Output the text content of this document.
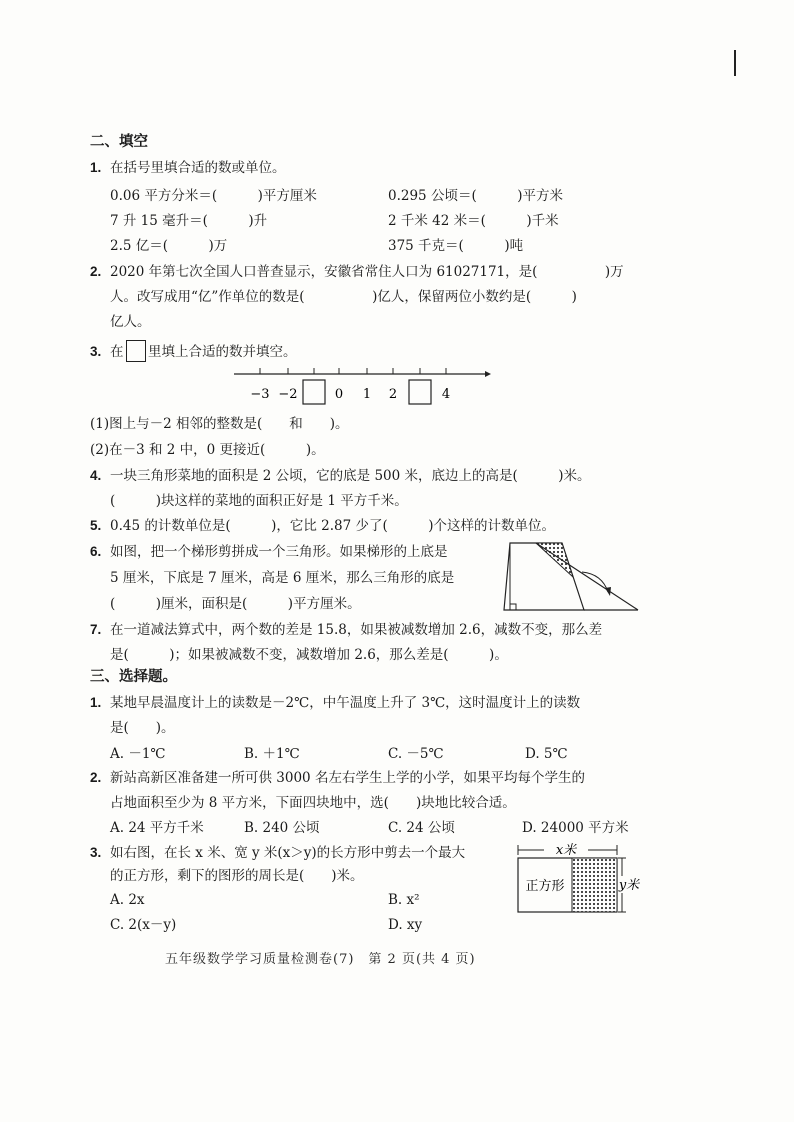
二、填空
1. 在括号里填合适的数或单位。
0.06 平方分米＝(　　　)平方厘米	0.295 公顷＝(　　　)平方米
7 升 15 毫升＝(　　　)升	2 千米 42 米＝(　　　)千米
2.5 亿＝(　　　)万	375 千克＝(　　　)吨
2. 2020 年第七次全国人口普查显示，安徽省常住人口为 61027171，是(　　　　　)万
人。改写成用“亿”作单位的数是(　　　　　)亿人，保留两位小数约是(　　　)
亿人。
3. 在 里填上合适的数并填空。
−3 −2	0 1 2	4
(1)图上与－2 相邻的整数是(　　和　　)。
(2)在－3 和 2 中，0 更接近(　　　)。
4. 一块三角形菜地的面积是 2 公顷，它的底是 500 米，底边上的高是(　　　)米。
(　　　)块这样的菜地的面积正好是 1 平方千米。
5. 0.45 的计数单位是(　　　)，它比 2.87 少了(　　　)个这样的计数单位。
6. 如图，把一个梯形剪拼成一个三角形。如果梯形的上底是
5 厘米，下底是 7 厘米，高是 6 厘米，那么三角形的底是
(　　　)厘米，面积是(　　　)平方厘米。
7. 在一道减法算式中，两个数的差是 15.8，如果被减数增加 2.6，减数不变，那么差
是(　　　)；如果被减数不变，减数增加 2.6，那么差是(　　　)。
三、选择题。
1. 某地早晨温度计上的读数是－2℃，中午温度上升了 3℃，这时温度计上的读数
是(　　)。
A. －1℃	B. ＋1℃	C. －5℃	D. 5℃
2. 新站高新区准备建一所可供 3000 名左右学生上学的小学，如果平均每个学生的
占地面积至少为 8 平方米，下面四块地中，选(　　)块地比较合适。
A. 24 平方千米	B. 240 公顷	C. 24 公顷	D. 24000 平方米
3. 如右图，在长 x 米、宽 y 米(x＞y)的长方形中剪去一个最大
的正方形，剩下的图形的周长是(　　)米。
A. 2x	B. x²
C. 2(x－y)	D. xy
x米
正方形	y米
五年级数学学习质量检测卷(7)　第 2 页(共 4 页)
